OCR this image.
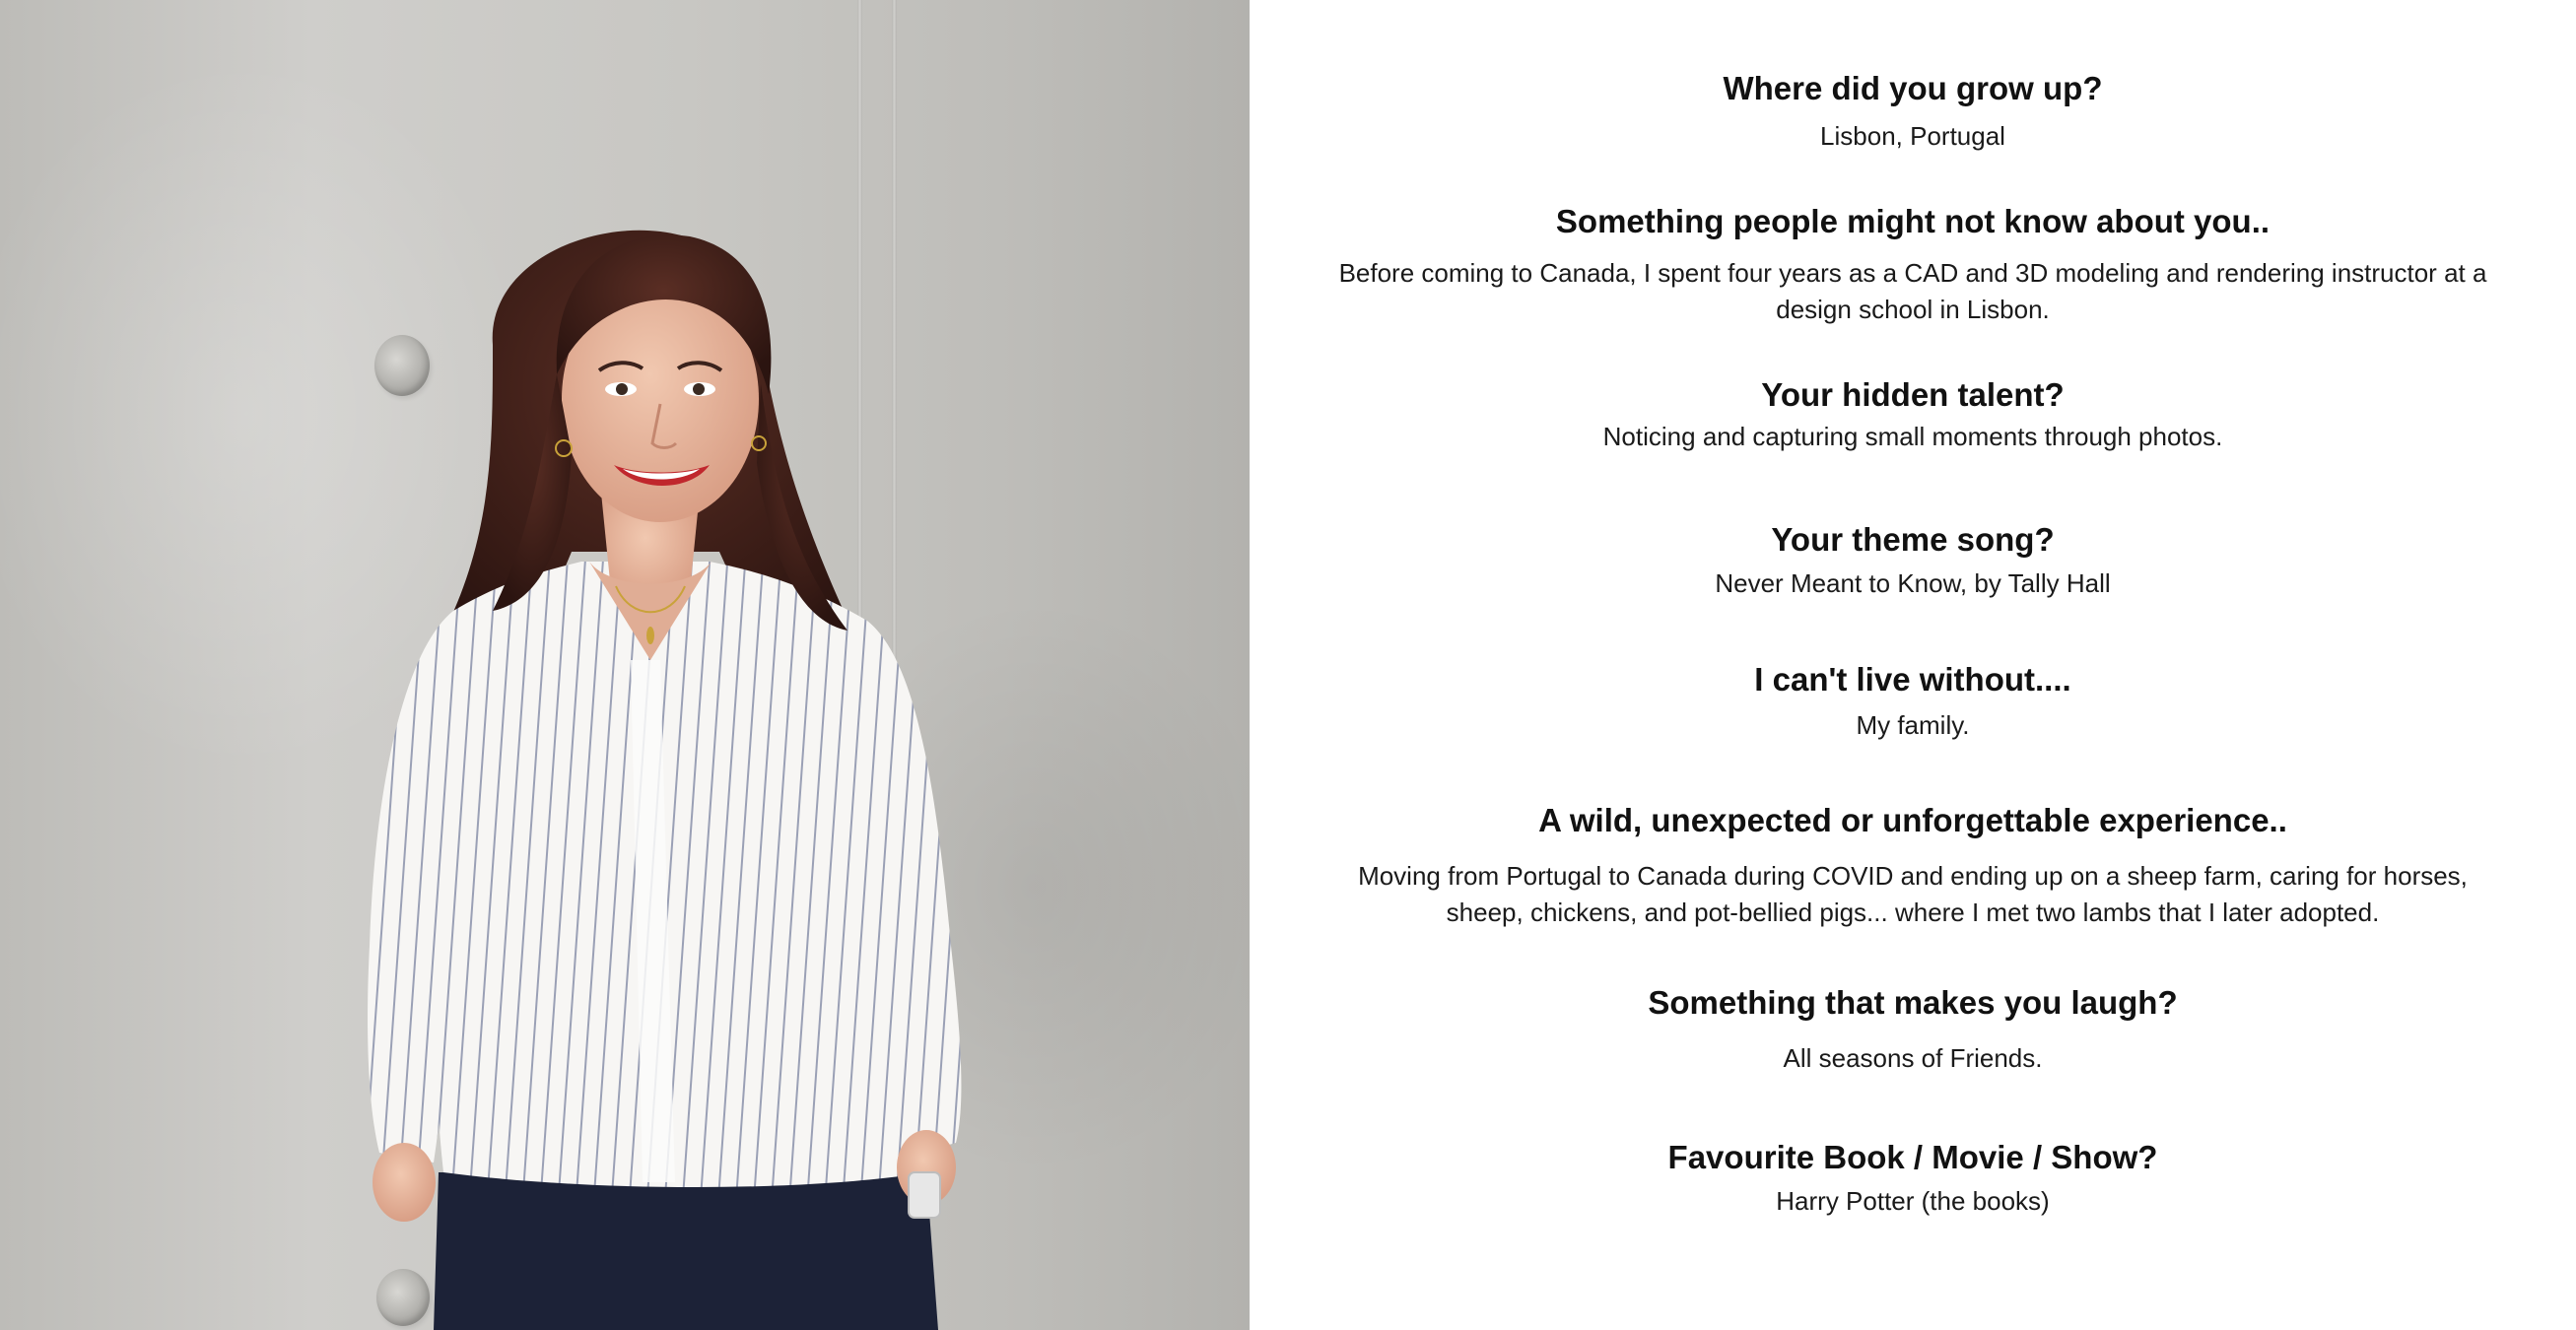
Where did you grow up?

Lisbon, Portugal

Something people might not know about you..

Before coming to Canada, I spent four years as a CAD and 3D modeling and rendering instructor at a design school in Lisbon.

Your hidden talent?

Noticing and capturing small moments through photos.

Your theme song?

Never Meant to Know, by Tally Hall

I can't live without....

My family.

A wild, unexpected or unforgettable experience..

Moving from Portugal to Canada during COVID and ending up on a sheep farm, caring for horses, sheep, chickens, and pot-bellied pigs... where I met two lambs that I later adopted.

Something that makes you laugh?

All seasons of Friends.

Favourite Book / Movie / Show?

Harry Potter (the books)
